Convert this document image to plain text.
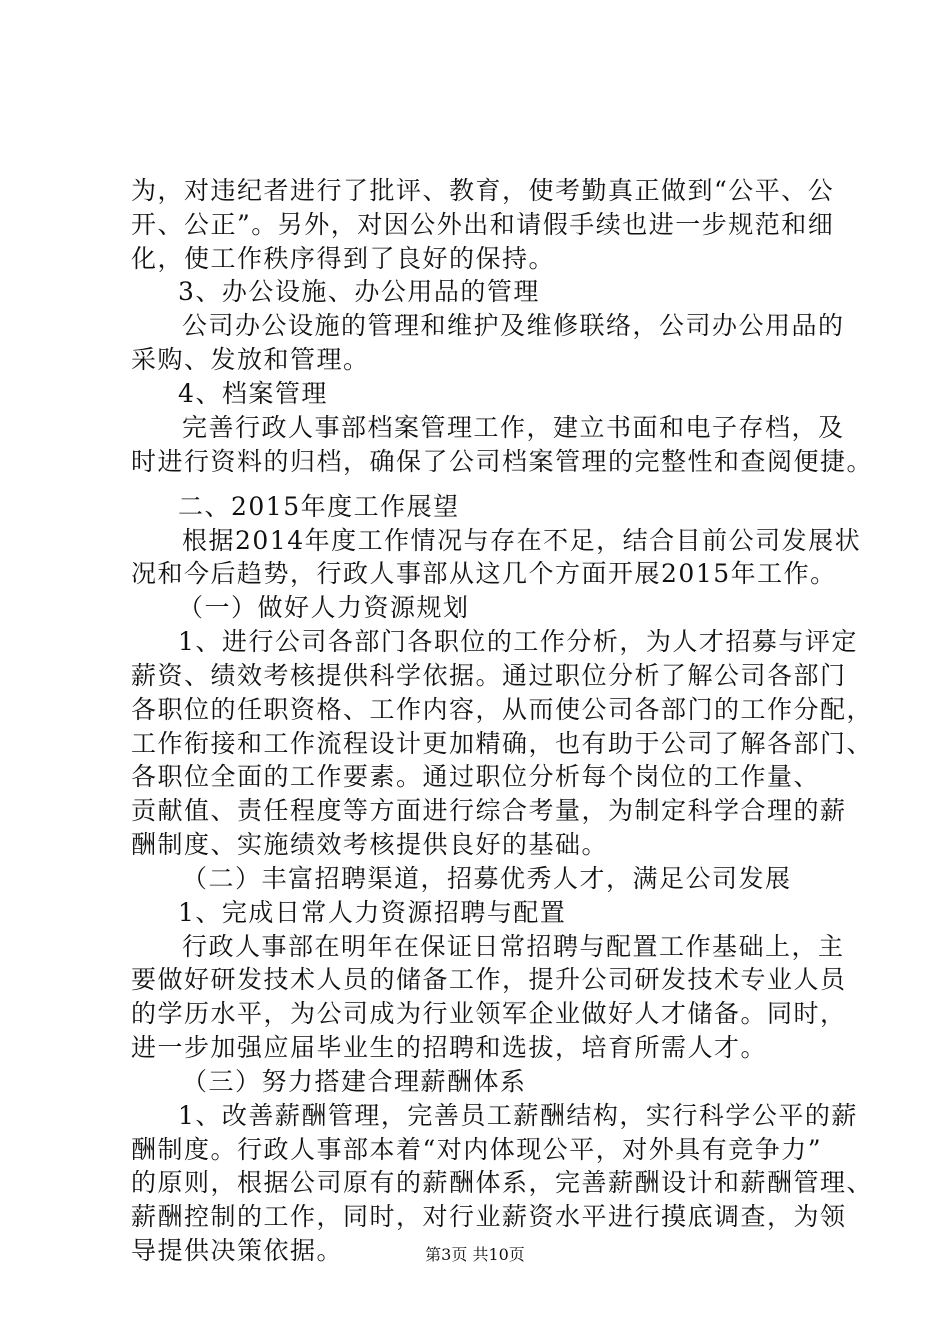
为，对违纪者进行了批评、教育，使考勤真正做到“公平、公
开、公正”。另外，对因公外出和请假手续也进一步规范和细
化，使工作秩序得到了良好的保持。
3、办公设施、办公用品的管理
公司办公设施的管理和维护及维修联络，公司办公用品的
采购、发放和管理。
4、档案管理
完善行政人事部档案管理工作，建立书面和电子存档，及
时进行资料的归档，确保了公司档案管理的完整性和查阅便捷。
二、2015年度工作展望
根据2014年度工作情况与存在不足，结合目前公司发展状
况和今后趋势，行政人事部从这几个方面开展2015年工作。
（一）做好人力资源规划
1、进行公司各部门各职位的工作分析，为人才招募与评定
薪资、绩效考核提供科学依据。通过职位分析了解公司各部门
各职位的任职资格、工作内容，从而使公司各部门的工作分配，
工作衔接和工作流程设计更加精确，也有助于公司了解各部门、
各职位全面的工作要素。通过职位分析每个岗位的工作量、
贡献值、责任程度等方面进行综合考量，为制定科学合理的薪
酬制度、实施绩效考核提供良好的基础。
（二）丰富招聘渠道，招募优秀人才，满足公司发展
1、完成日常人力资源招聘与配置
行政人事部在明年在保证日常招聘与配置工作基础上，主
要做好研发技术人员的储备工作，提升公司研发技术专业人员
的学历水平，为公司成为行业领军企业做好人才储备。同时，
进一步加强应届毕业生的招聘和选拔，培育所需人才。
（三）努力搭建合理薪酬体系
1、改善薪酬管理，完善员工薪酬结构，实行科学公平的薪
酬制度。行政人事部本着“对内体现公平，对外具有竞争力”
的原则，根据公司原有的薪酬体系，完善薪酬设计和薪酬管理、
薪酬控制的工作，同时，对行业薪资水平进行摸底调查，为领
导提供决策依据。	第3页 共10页
